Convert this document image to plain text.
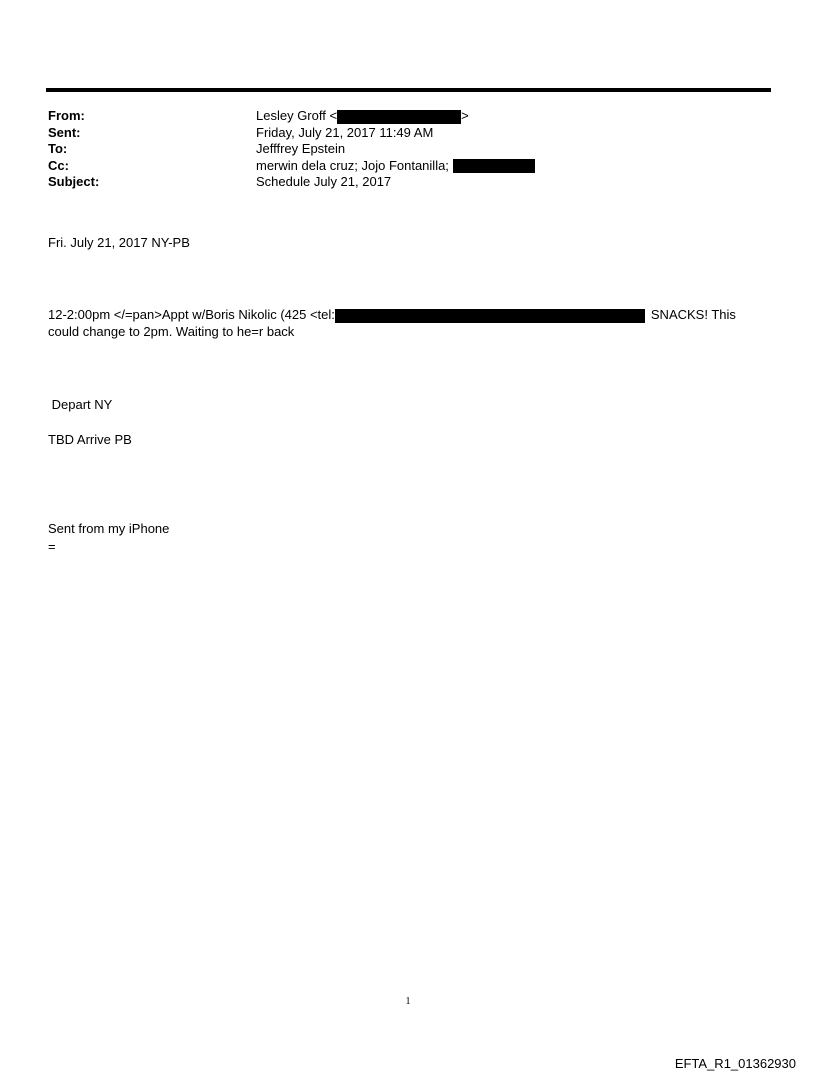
From:	Lesley Groff <	>
Sent:	Friday, July 21, 2017 11:49 AM
To:	Jefffrey Epstein
Cc:	merwin dela cruz; Jojo Fontanilla;
Subject:	Schedule July 21, 2017
Fri. July 21, 2017 NY-PB
12-2:00pm </=pan>Appt w/Boris Nikolic (425 <tel:	SNACKS! This
could change to 2pm. Waiting to he=r back
Depart NY
TBD Arrive PB
Sent from my iPhone
=
1
EFTA_R1_01362930
